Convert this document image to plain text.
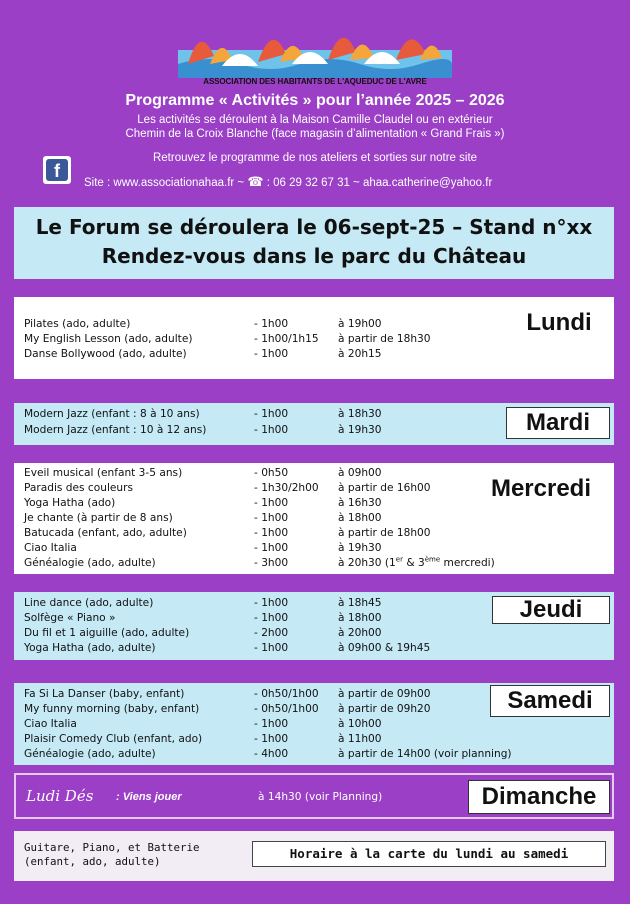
ASSOCIATION DES HABITANTS DE L'AQUEDUC DE L'AVRE
Programme « Activités » pour l’année 2025 – 2026
Les activités se déroulent à la Maison Camille Claudel ou en extérieur
Chemin de la Croix Blanche (face magasin d’alimentation « Grand Frais »)
Retrouvez le programme de nos ateliers et sorties sur notre site
f
Site : www.associationahaa.fr ~ ☎ : 06 29 32 67 31 ~ ahaa.catherine@yahoo.fr
Le Forum se déroulera le 06-sept-25 – Stand n°xx
Rendez-vous dans le parc du Château
Lundi
Pilates (ado, adulte)	- 1h00	à 19h00
My English Lesson (ado, adulte)	- 1h00/1h15 à partir de 18h30
Danse Bollywood (ado, adulte)	- 1h00	à 20h15
Mardi
Modern Jazz (enfant : 8 à 10 ans)	- 1h00	à 18h30
Modern Jazz (enfant : 10 à 12 ans)	- 1h00	à 19h30
Mercredi
Eveil musical (enfant 3-5 ans)	- 0h50	à 09h00
Paradis des couleurs	- 1h30/2h00 à partir de 16h00
Yoga Hatha (ado)	- 1h00	à 16h30
Je chante (à partir de 8 ans)	- 1h00	à 18h00
Batucada (enfant, ado, adulte)	- 1h00	à partir de 18h00
Ciao Italia	- 1h00	à 19h30
Généalogie (ado, adulte)	- 3h00	à 20h30 (1er & 3ème mercredi)
Jeudi
Line dance (ado, adulte)	- 1h00	à 18h45
Solfège « Piano »	- 1h00	à 18h00
Du fil et 1 aiguille (ado, adulte)	- 2h00	à 20h00
Yoga Hatha (ado, adulte)	- 1h00	à 09h00 & 19h45
Samedi
Fa Si La Danser (baby, enfant)	- 0h50/1h00 à partir de 09h00
My funny morning (baby, enfant)	- 0h50/1h00 à partir de 09h20
Ciao Italia	- 1h00	à 10h00
Plaisir Comedy Club (enfant, ado)	- 1h00	à 11h00
Généalogie (ado, adulte)	- 4h00	à partir de 14h00 (voir planning)
Ludi Dés : Viens jouer	à 14h30 (voir Planning)	Dimanche
Guitare, Piano, et Batterie
(enfant, ado, adulte)
Horaire à la carte du lundi au samedi
